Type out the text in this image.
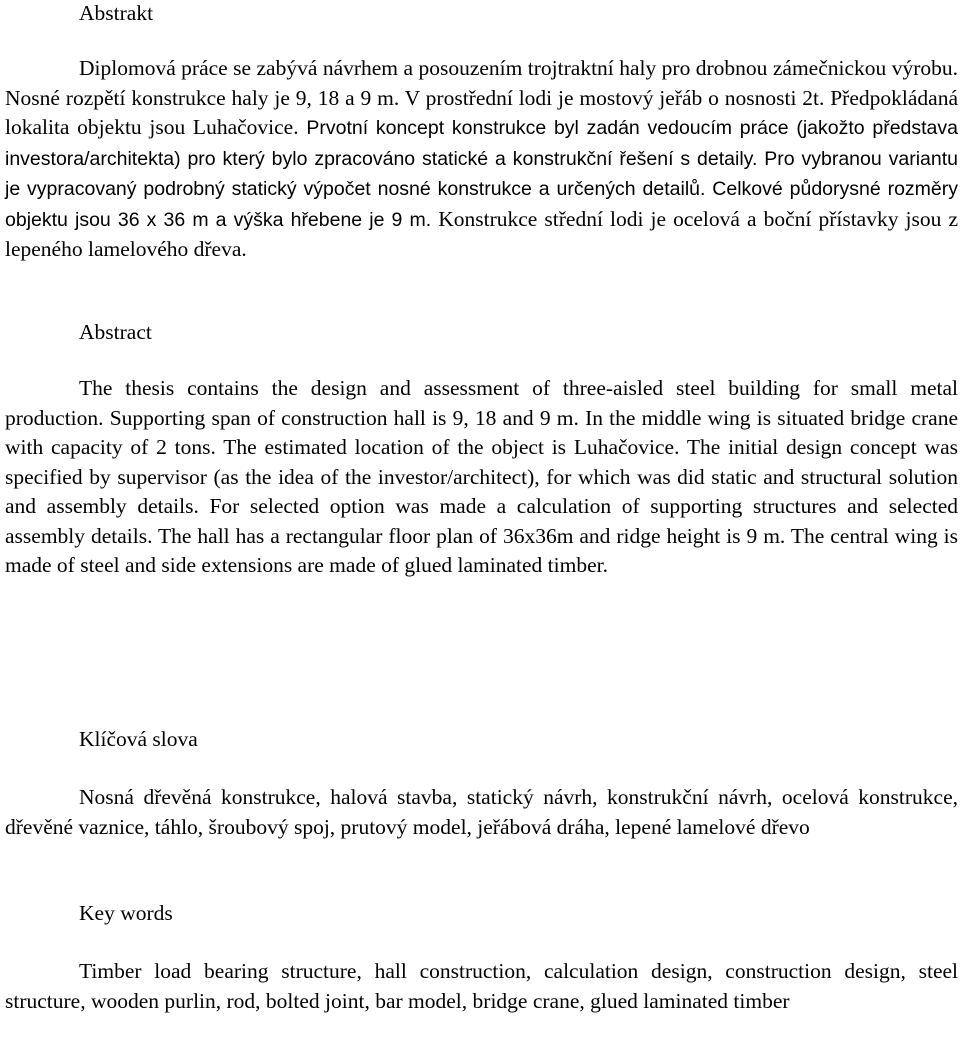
Abstrakt

Diplomová práce se zabývá návrhem a posouzením trojtraktní haly pro drobnou zámečnickou výrobu. Nosné rozpětí konstrukce haly je 9, 18 a 9 m. V prostřední lodi je mostový jeřáb o nosnosti 2t. Předpokládaná lokalita objektu jsou Luhačovice. Prvotní koncept konstrukce byl zadán vedoucím práce (jakožto představa investora/architekta) pro který bylo zpracováno statické a konstrukční řešení s detaily. Pro vybranou variantu je vypracovaný podrobný statický výpočet nosné konstrukce a určených detailů. Celkové půdorysné rozměry objektu jsou 36 x 36 m a výška hřebene je 9 m. Konstrukce střední lodi je ocelová a boční přístavky jsou z lepeného lamelového dřeva.

Abstract

The thesis contains the design and assessment of three-aisled steel building for small metal production. Supporting span of construction hall is 9, 18 and 9 m. In the middle wing is situated bridge crane with capacity of 2 tons. The estimated location of the object is Luhačovice. The initial design concept was specified by supervisor (as the idea of the investor/architect), for which was did static and structural solution and assembly details. For selected option was made a calculation of supporting structures and selected assembly details. The hall has a rectangular floor plan of 36x36m and ridge height is 9 m. The central wing is made of steel and side extensions are made of glued laminated timber.

Klíčová slova

Nosná dřevěná konstrukce, halová stavba, statický návrh, konstrukční návrh, ocelová konstrukce, dřevěné vaznice, táhlo, šroubový spoj, prutový model, jeřábová dráha, lepené lamelové dřevo

Key words

Timber load bearing structure, hall construction, calculation design, construction design, steel structure, wooden purlin, rod, bolted joint, bar model, bridge crane, glued laminated timber
